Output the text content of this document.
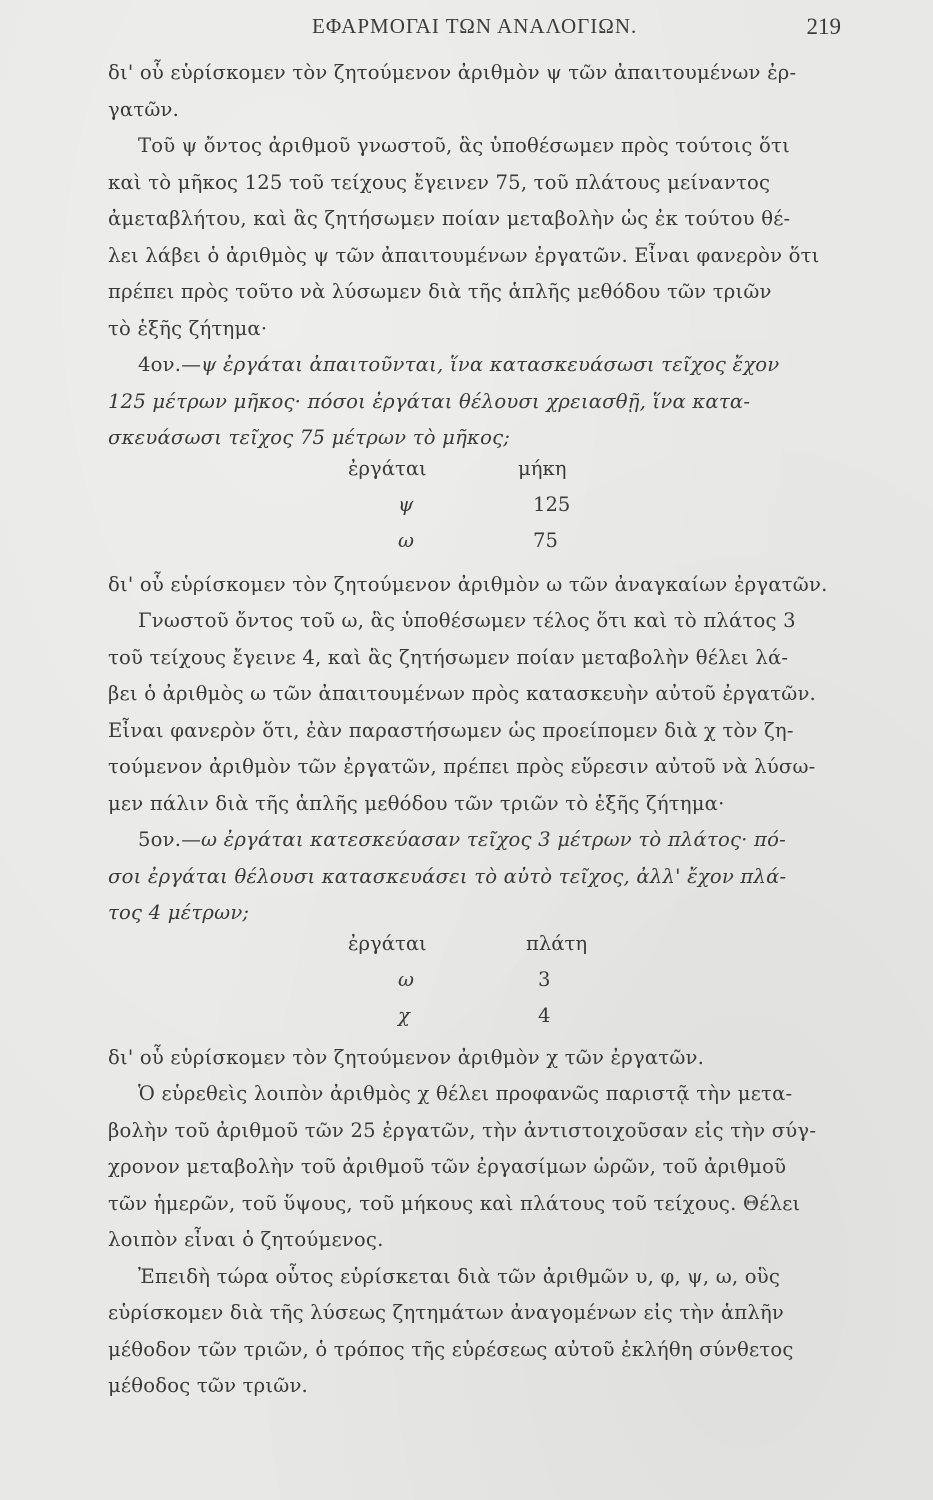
ΕΦΑΡΜΟΓΑΙ ΤΩΝ ΑΝΑΛΟΓΙΩΝ.	219

δι' οὗ εὑρίσκομεν τὸν ζητούμενον ἀριθμὸν ψ τῶν ἀπαιτουμένων ἐρ-

γατῶν.

Τοῦ ψ ὄντος ἀριθμοῦ γνωστοῦ, ἃς ὑποθέσωμεν πρὸς τούτοις ὅτι

καὶ τὸ μῆκος 125 τοῦ τείχους ἔγεινεν 75, τοῦ πλάτους μείναντος

ἀμεταβλήτου, καὶ ἃς ζητήσωμεν ποίαν μεταβολὴν ὡς ἐκ τούτου θέ-

λει λάβει ὁ ἀριθμὸς ψ τῶν ἀπαιτουμένων ἐργατῶν. Εἶναι φανερὸν ὅτι

πρέπει πρὸς τοῦτο νὰ λύσωμεν διὰ τῆς ἁπλῆς μεθόδου τῶν τριῶν

τὸ ἑξῆς ζήτημα·

4ον.—ψ ἐργάται ἀπαιτοῦνται, ἵνα κατασκευάσωσι τεῖχος ἔχον

125 μέτρων μῆκος· πόσοι ἐργάται θέλουσι χρειασθῇ, ἵνα κατα-

σκευάσωσι τεῖχος 75 μέτρων τὸ μῆκος;

ἐργάται	μήκη
ψ	125
ω	75

δι' οὗ εὑρίσκομεν τὸν ζητούμενον ἀριθμὸν ω τῶν ἀναγκαίων ἐργατῶν.

Γνωστοῦ ὄντος τοῦ ω, ἃς ὑποθέσωμεν τέλος ὅτι καὶ τὸ πλάτος 3

τοῦ τείχους ἔγεινε 4, καὶ ἃς ζητήσωμεν ποίαν μεταβολὴν θέλει λά-

βει ὁ ἀριθμὸς ω τῶν ἀπαιτουμένων πρὸς κατασκευὴν αὐτοῦ ἐργατῶν.

Εἶναι φανερὸν ὅτι, ἐὰν παραστήσωμεν ὡς προείπομεν διὰ χ τὸν ζη-

τούμενον ἀριθμὸν τῶν ἐργατῶν, πρέπει πρὸς εὕρεσιν αὐτοῦ νὰ λύσω-

μεν πάλιν διὰ τῆς ἁπλῆς μεθόδου τῶν τριῶν τὸ ἑξῆς ζήτημα·

5ον.—ω ἐργάται κατεσκεύασαν τεῖχος 3 μέτρων τὸ πλάτος· πό-

σοι ἐργάται θέλουσι κατασκευάσει τὸ αὐτὸ τεῖχος, ἀλλ' ἔχον πλά-

τος 4 μέτρων;

ἐργάται	πλάτη
ω	3
χ	4

δι' οὗ εὑρίσκομεν τὸν ζητούμενον ἀριθμὸν χ τῶν ἐργατῶν.

Ὁ εὑρεθεὶς λοιπὸν ἀριθμὸς χ θέλει προφανῶς παριστᾷ τὴν μετα-

βολὴν τοῦ ἀριθμοῦ τῶν 25 ἐργατῶν, τὴν ἀντιστοιχοῦσαν εἰς τὴν σύγ-

χρονον μεταβολὴν τοῦ ἀριθμοῦ τῶν ἐργασίμων ὡρῶν, τοῦ ἀριθμοῦ

τῶν ἡμερῶν, τοῦ ὕψους, τοῦ μήκους καὶ πλάτους τοῦ τείχους. Θέλει

λοιπὸν εἶναι ὁ ζητούμενος.

Ἐπειδὴ τώρα οὗτος εὑρίσκεται διὰ τῶν ἀριθμῶν υ, φ, ψ, ω, οὓς

εὑρίσκομεν διὰ τῆς λύσεως ζητημάτων ἀναγομένων εἰς τὴν ἁπλῆν

μέθοδον τῶν τριῶν, ὁ τρόπος τῆς εὑρέσεως αὐτοῦ ἐκλήθη σύνθετος

μέθοδος τῶν τριῶν.
